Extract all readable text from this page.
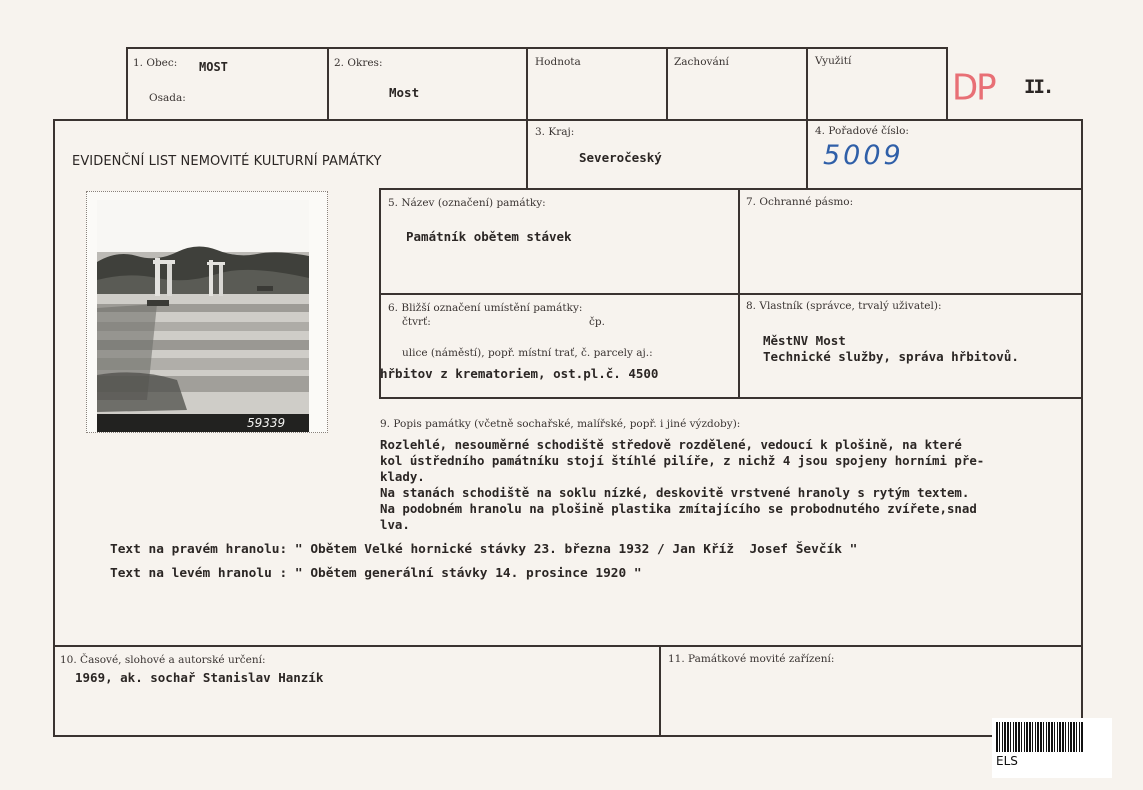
1. Obec: MOST
Osada:
2. Okres:
Most
Hodnota	Zachování	Využití
DP II.
EVIDENČNÍ LIST NEMOVITÉ KULTURNÍ PAMÁTKY
3. Kraj:
Severočeský
4. Pořadové číslo:
5009
59339
5. Název (označení) památky:
Památník obětem stávek
7. Ochranné pásmo:
6. Bližší označení umístění památky:
čtvrť:	čp.
ulice (náměstí), popř. místní trať, č. parcely aj.:
hřbitov z krematoriem, ost.pl.č. 4500
8. Vlastník (správce, trvalý uživatel):
MěstNV Most
Technické služby, správa hřbitovů.
9. Popis památky (včetně sochařské, malířské, popř. i jiné výzdoby):
Rozlehlé, nesouměrné schodiště středově rozdělené, vedoucí k plošině, na které
kol ústředního památníku stojí štíhlé pilíře, z nichž 4 jsou spojeny horními pře-
klady.
Na stanách schodiště na soklu nízké, deskovitě vrstvené hranoly s rytým textem.
Na podobném hranolu na plošině plastika zmítajícího se probodnutého zvířete,snad
lva.
Text na pravém hranolu: " Obětem Velké hornické stávky 23. března 1932 / Jan Kříž  Josef Ševčík "
Text na levém hranolu : " Obětem generální stávky 14. prosince 1920 "
10. Časové, slohové a autorské určení:
1969, ak. sochař Stanislav Hanzík
11. Památkové movité zařízení:
ELS
